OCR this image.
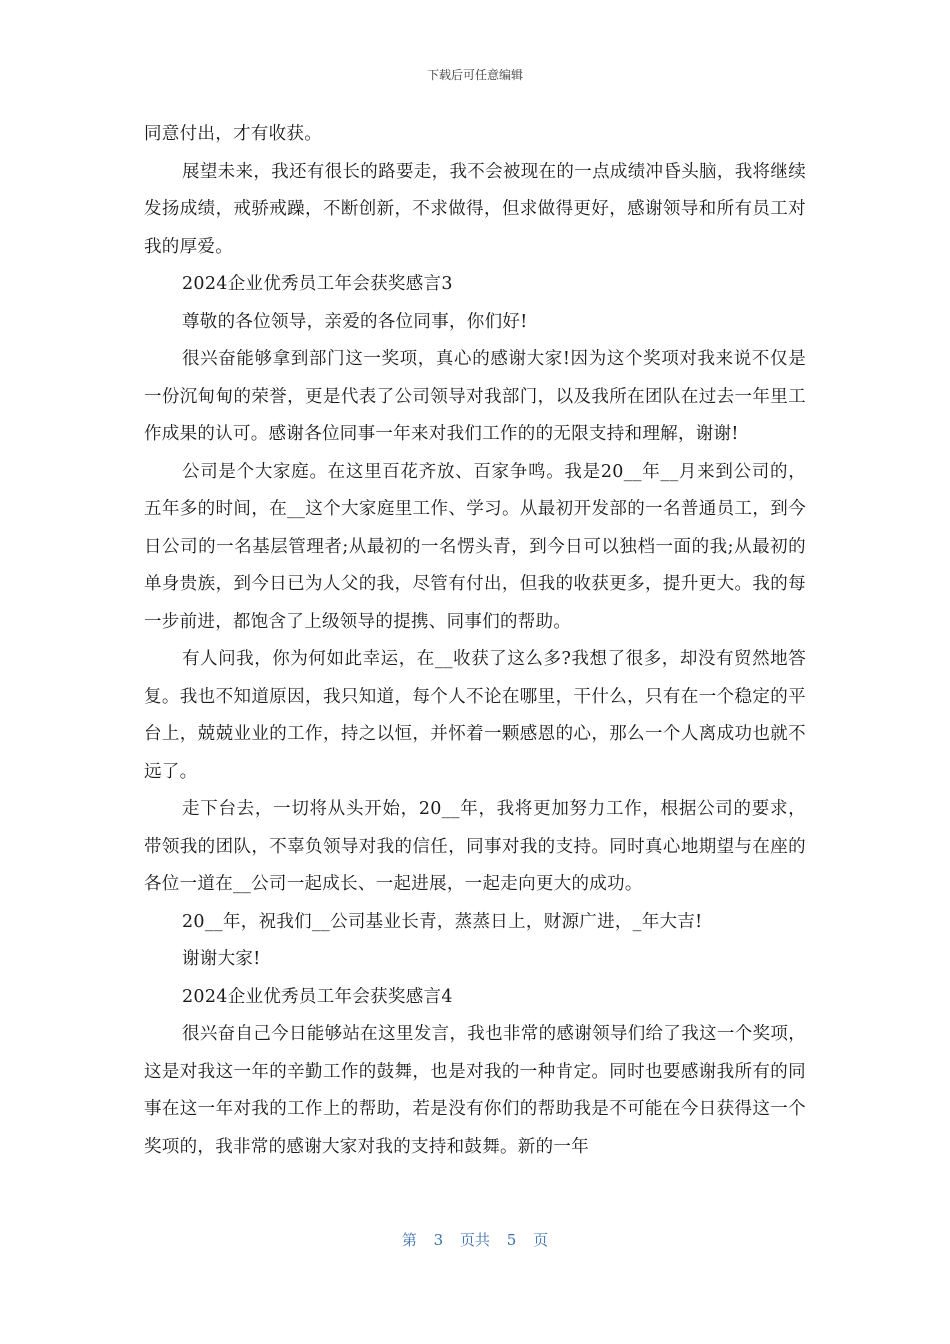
下载后可任意编辑

同意付出，才有收获。

展望未来，我还有很长的路要走，我不会被现在的一点成绩冲昏头脑，我将继续发扬成绩，戒骄戒躁，不断创新，不求做得，但求做得更好，感谢领导和所有员工对我的厚爱。

2024企业优秀员工年会获奖感言3

尊敬的各位领导，亲爱的各位同事，你们好!

很兴奋能够拿到部门这一奖项，真心的感谢大家!因为这个奖项对我来说不仅是一份沉甸甸的荣誉，更是代表了公司领导对我部门，以及我所在团队在过去一年里工作成果的认可。感谢各位同事一年来对我们工作的的无限支持和理解，谢谢!

公司是个大家庭。在这里百花齐放、百家争鸣。我是20__年__月来到公司的，五年多的时间，在__这个大家庭里工作、学习。从最初开发部的一名普通员工，到今日公司的一名基层管理者;从最初的一名愣头青，到今日可以独档一面的我;从最初的单身贵族，到今日已为人父的我，尽管有付出，但我的收获更多，提升更大。我的每一步前进，都饱含了上级领导的提携、同事们的帮助。

有人问我，你为何如此幸运，在__收获了这么多?我想了很多，却没有贸然地答复。我也不知道原因，我只知道，每个人不论在哪里，干什么，只有在一个稳定的平台上，兢兢业业的工作，持之以恒，并怀着一颗感恩的心，那么一个人离成功也就不远了。

走下台去，一切将从头开始，20__年，我将更加努力工作，根据公司的要求，带领我的团队，不辜负领导对我的信任，同事对我的支持。同时真心地期望与在座的各位一道在__公司一起成长、一起进展，一起走向更大的成功。

20__年，祝我们__公司基业长青，蒸蒸日上，财源广进，_年大吉!

谢谢大家!

2024企业优秀员工年会获奖感言4

很兴奋自己今日能够站在这里发言，我也非常的感谢领导们给了我这一个奖项，这是对我这一年的辛勤工作的鼓舞，也是对我的一种肯定。同时也要感谢我所有的同事在这一年对我的工作上的帮助，若是没有你们的帮助我是不可能在今日获得这一个奖项的，我非常的感谢大家对我的支持和鼓舞。新的一年

第 3 页共 5 页
